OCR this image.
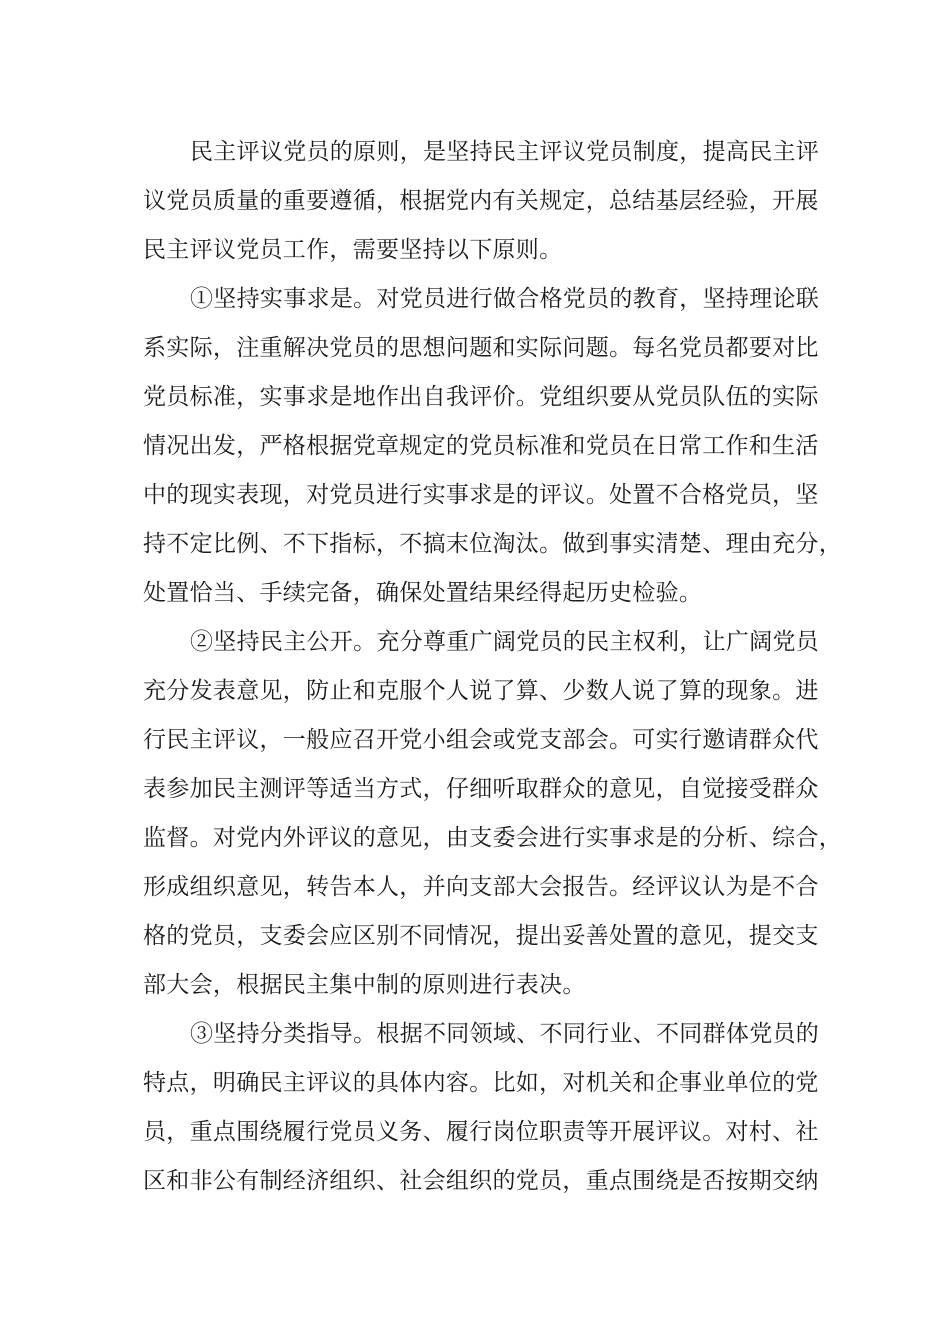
民主评议党员的原则，是坚持民主评议党员制度，提高民主评
议党员质量的重要遵循，根据党内有关规定，总结基层经验，开展
民主评议党员工作，需要坚持以下原则。
①坚持实事求是。对党员进行做合格党员的教育，坚持理论联
系实际，注重解决党员的思想问题和实际问题。每名党员都要对比
党员标准，实事求是地作出自我评价。党组织要从党员队伍的实际
情况出发，严格根据党章规定的党员标准和党员在日常工作和生活
中的现实表现，对党员进行实事求是的评议。处置不合格党员，坚
持不定比例、不下指标，不搞末位淘汰。做到事实清楚、理由充分，
处置恰当、手续完备，确保处置结果经得起历史检验。
②坚持民主公开。充分尊重广阔党员的民主权利，让广阔党员
充分发表意见，防止和克服个人说了算、少数人说了算的现象。进
行民主评议，一般应召开党小组会或党支部会。可实行邀请群众代
表参加民主测评等适当方式，仔细听取群众的意见，自觉接受群众
监督。对党内外评议的意见，由支委会进行实事求是的分析、综合，
形成组织意见，转告本人，并向支部大会报告。经评议认为是不合
格的党员，支委会应区别不同情况，提出妥善处置的意见，提交支
部大会，根据民主集中制的原则进行表决。
③坚持分类指导。根据不同领域、不同行业、不同群体党员的
特点，明确民主评议的具体内容。比如，对机关和企事业单位的党
员，重点围绕履行党员义务、履行岗位职责等开展评议。对村、社
区和非公有制经济组织、社会组织的党员，重点围绕是否按期交纳
